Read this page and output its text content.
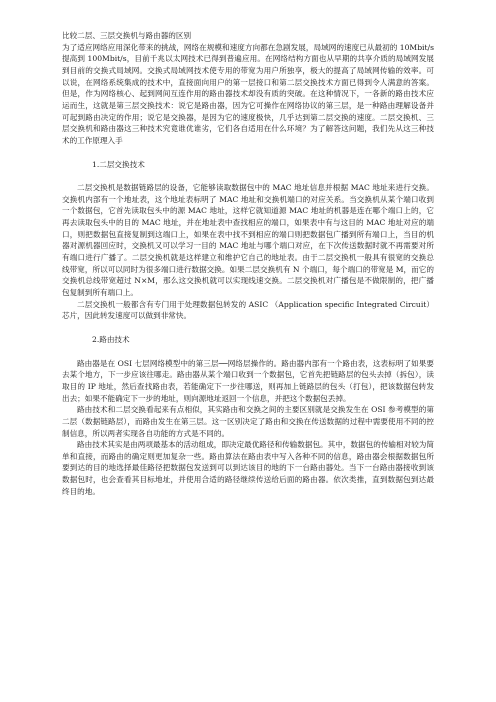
比较二层、三层交换机与路由器的区别

为了适应网络应用深化带来的挑战，网络在规模和速度方向都在急剧发展，局域网的速度已从最初的 10Mbit/s 提高到 100Mbit/s，目前千兆以太网技术已得到普遍应用。在网络结构方面也从早期的共享介质的局域网发展到目前的交换式局域网。交换式局域网技术使专用的带宽为用户所独享，极大的提高了局域网传输的效率。可以说，在网络系统集成的技术中，直接面向用户的第一层接口和第二层交换技术方面已得到令人满意的答案。但是，作为网络核心、起到网间互连作用的路由器技术却没有质的突破。在这种情况下，一各新的路由技术应运而生，这就是第三层交换技术：说它是路由器，因为它可操作在网络协议的第三层，是一种路由理解设备并可起到路由决定的作用；说它是交换器，是因为它的速度极快，几乎达到第二层交换的速度。二层交换机、三层交换机和路由器这三种技术究竟谁优谁劣，它们各自适用在什么环境？为了解答这问题，我们先从这三种技术的工作原理入手

1.二层交换技术

二层交换机是数据链路层的设备，它能够读取数据包中的 MAC 地址信息并根据 MAC 地址来进行交换。交换机内部有一个地址表，这个地址表标明了 MAC 地址和交换机端口的对应关系。当交换机从某个端口收到一个数据包，它首先读取包头中的源 MAC 地址，这样它就知道源 MAC 地址的机器是连在哪个端口上的，它再去读取包头中的目的 MAC 地址，并在地址表中查找相应的端口，如果表中有与这目的 MAC 地址对应的端口，则把数据包直接复制到这端口上，如果在表中找不到相应的端口则把数据包广播到所有端口上，当目的机器对源机器回应时，交换机又可以学习一目的 MAC 地址与哪个端口对应，在下次传送数据时就不再需要对所有端口进行广播了。二层交换机就是这样建立和维护它自己的地址表。由于二层交换机一般具有很宽的交换总线带宽，所以可以同时为很多端口进行数据交换。如果二层交换机有 N 个端口，每个端口的带宽是 M，而它的交换机总线带宽超过 N×M，那么这交换机就可以实现线速交换。二层交换机对广播包是不做限制的，把广播包复制到所有端口上。

二层交换机一般都含有专门用于处理数据包转发的 ASIC （Application specific Integrated Circuit）芯片，因此转发速度可以做到非常快。

2.路由技术

路由器是在 OSI 七层网络模型中的第三层──网络层操作的。路由器内部有一个路由表，这表标明了如果要去某个地方，下一步应该往哪走。路由器从某个端口收到一个数据包，它首先把链路层的包头去掉（拆包），读取目的 IP 地址，然后查找路由表，若能确定下一步往哪送，则再加上链路层的包头（打包），把该数据包转发出去；如果不能确定下一步的地址，则向源地址返回一个信息，并把这个数据包丢掉。

路由技术和二层交换看起来有点相似，其实路由和交换之间的主要区别就是交换发生在 OSI 参考模型的第二层（数据链路层），而路由发生在第三层。这一区别决定了路由和交换在传送数据的过程中需要使用不同的控制信息，所以两者实现各自功能的方式是不同的。

路由技术其实是由两项最基本的活动组成，即决定最优路径和传输数据包。其中，数据包的传输相对较为简单和直接，而路由的确定则更加复杂一些。路由算法在路由表中写入各种不同的信息，路由器会根据数据包所要到达的目的地选择最佳路径把数据包发送到可以到达该目的地的下一台路由器处。当下一台路由器接收到该数据包时，也会查看其目标地址，并使用合适的路径继续传送给后面的路由器。依次类推，直到数据包到达最终目的地。
